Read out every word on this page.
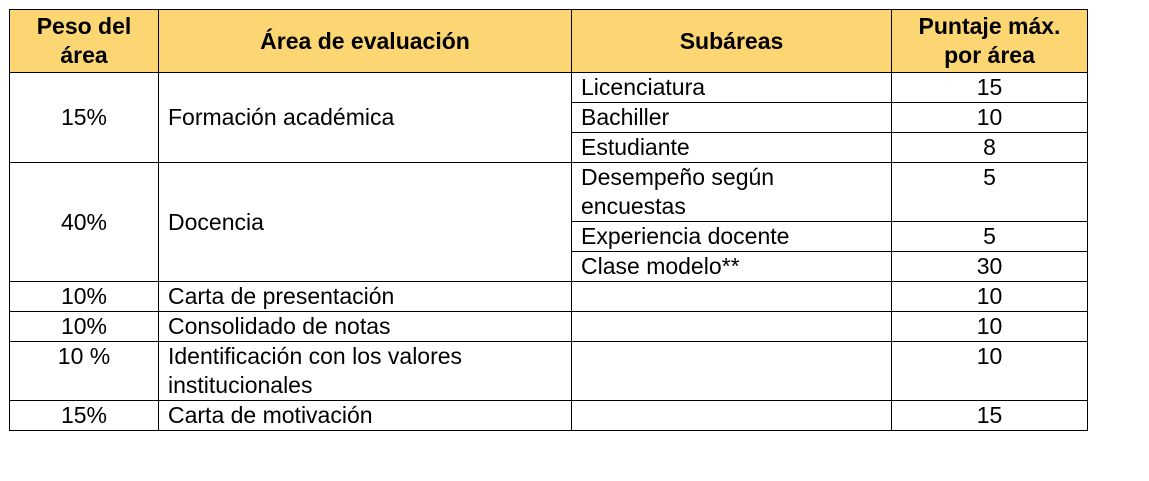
Peso del área	Área de evaluación	Subáreas	Puntaje máx. por área
15%	Formación académica	Licenciatura	15
		Bachiller	10
		Estudiante	8
40%	Docencia	Desempeño según encuestas	5
		Experiencia docente	5
		Clase modelo**	30
10%	Carta de presentación		10
10%	Consolidado de notas		10
10 %	Identificación con los valores institucionales		10
15%	Carta de motivación		15
